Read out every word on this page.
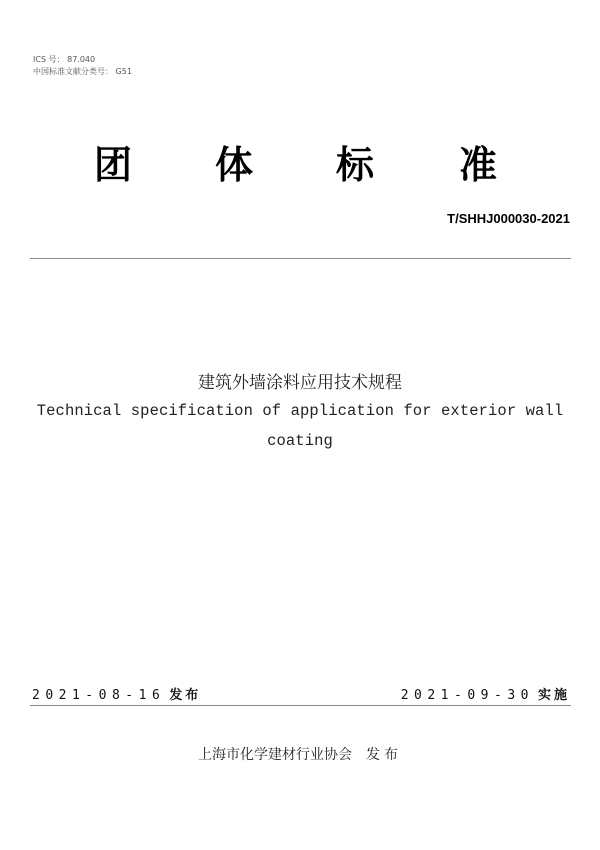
ICS 号： 87.040
中国标准文献分类号： G51
团 体 标 准
T/SHHJ000030-2021
建筑外墙涂料应用技术规程
Technical specification of application for exterior wall coating
2021-08-16 发布	2021-09-30 实施
上海市化学建材行业协会 发布
